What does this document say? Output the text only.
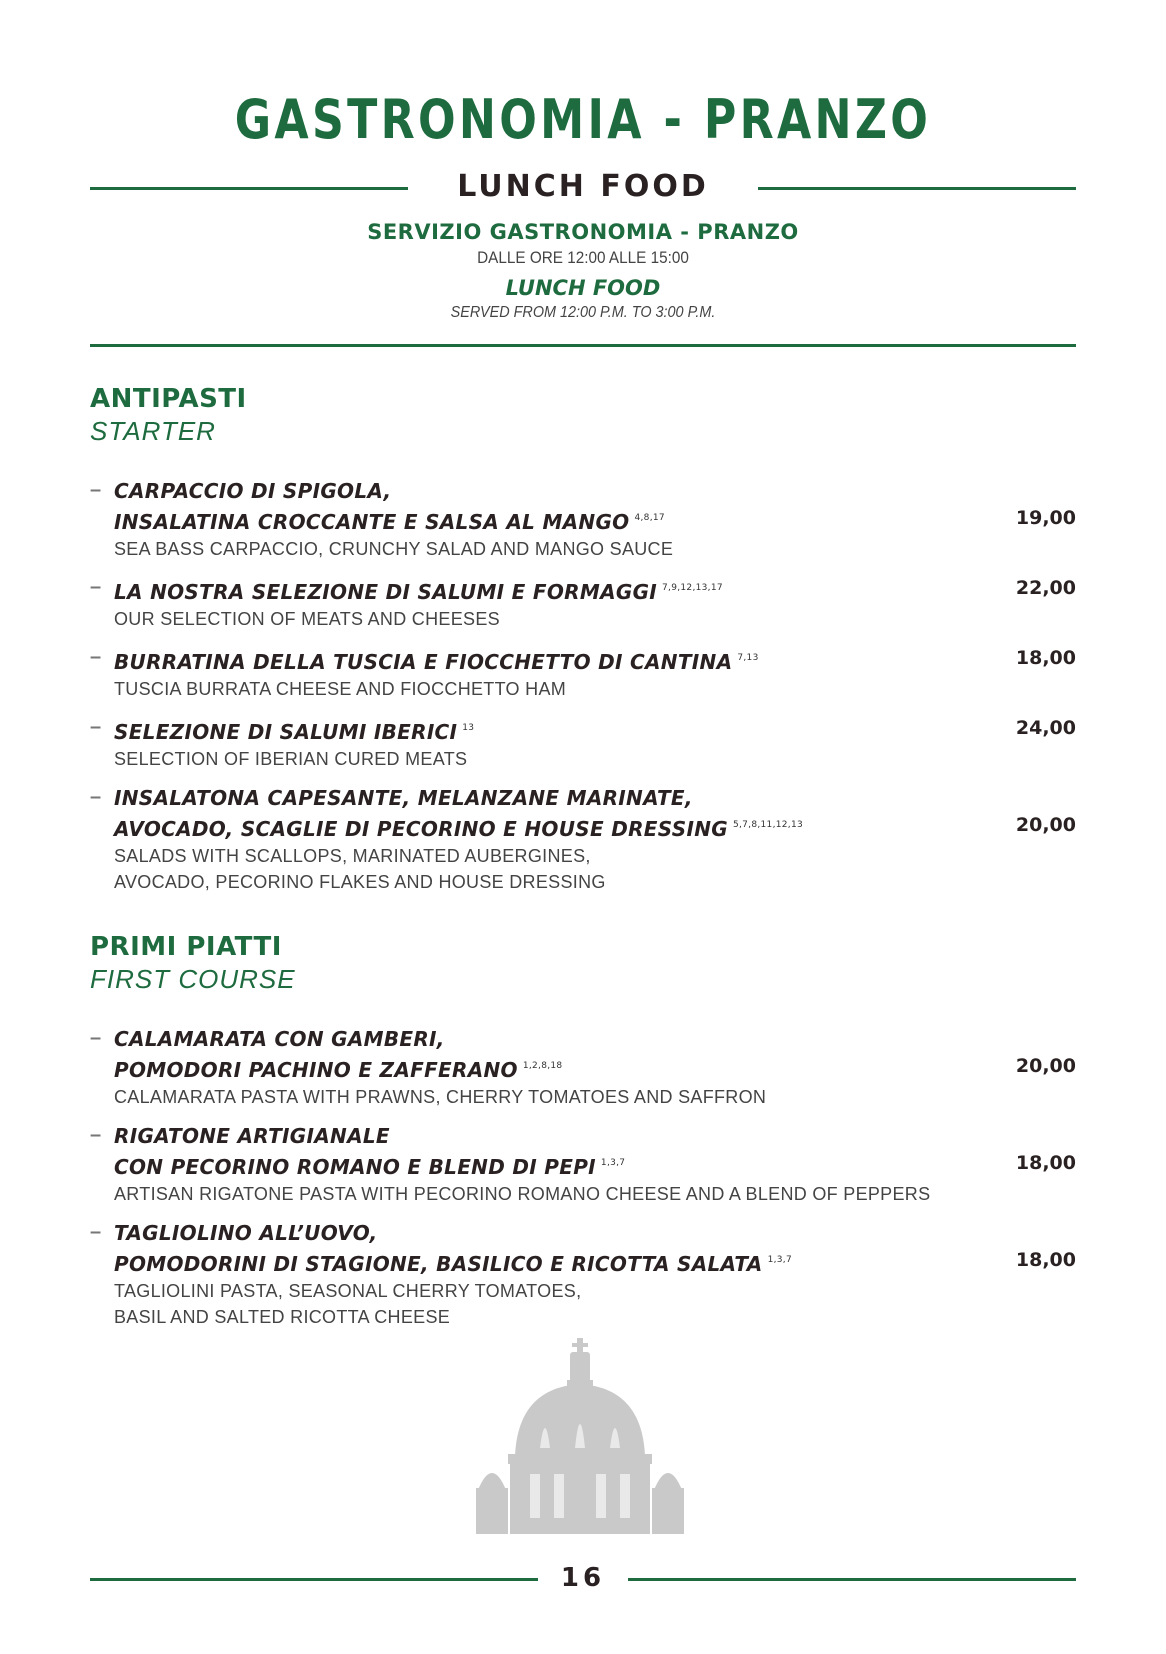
GASTRONOMIA - PRANZO
LUNCH FOOD
SERVIZIO GASTRONOMIA - PRANZO
DALLE ORE 12:00 ALLE 15:00
LUNCH FOOD
SERVED FROM 12:00 P.M. TO 3:00 P.M.
ANTIPASTI
STARTER
– CARPACCIO DI SPIGOLA,
INSALATINA CROCCANTE E SALSA AL MANGO $^{4,8,17}$	19,00
SEA BASS CARPACCIO, CRUNCHY SALAD AND MANGO SAUCE
– LA NOSTRA SELEZIONE DI SALUMI E FORMAGGI $^{7,9,12,13,17}$	22,00
OUR SELECTION OF MEATS AND CHEESES
– BURRATINA DELLA TUSCIA E FIOCCHETTO DI CANTINA $^{7,13}$	18,00
TUSCIA BURRATA CHEESE AND FIOCCHETTO HAM
– SELEZIONE DI SALUMI IBERICI $^{13}$	24,00
SELECTION OF IBERIAN CURED MEATS
– INSALATONA CAPESANTE, MELANZANE MARINATE,
AVOCADO, SCAGLIE DI PECORINO E HOUSE DRESSING $^{5,7,8,11,12,13}$	20,00
SALADS WITH SCALLOPS, MARINATED AUBERGINES,
AVOCADO, PECORINO FLAKES AND HOUSE DRESSING
PRIMI PIATTI
FIRST COURSE
– CALAMARATA CON GAMBERI,
POMODORI PACHINO E ZAFFERANO $^{1,2,8,18}$	20,00
CALAMARATA PASTA WITH PRAWNS, CHERRY TOMATOES AND SAFFRON
– RIGATONE ARTIGIANALE
CON PECORINO ROMANO E BLEND DI PEPI $^{1,3,7}$	18,00
ARTISAN RIGATONE PASTA WITH PECORINO ROMANO CHEESE AND A BLEND OF PEPPERS
– TAGLIOLINO ALL’UOVO,
POMODORINI DI STAGIONE, BASILICO E RICOTTA SALATA $^{1,3,7}$	18,00
TAGLIOLINI PASTA, SEASONAL CHERRY TOMATOES,
BASIL AND SALTED RICOTTA CHEESE
16
